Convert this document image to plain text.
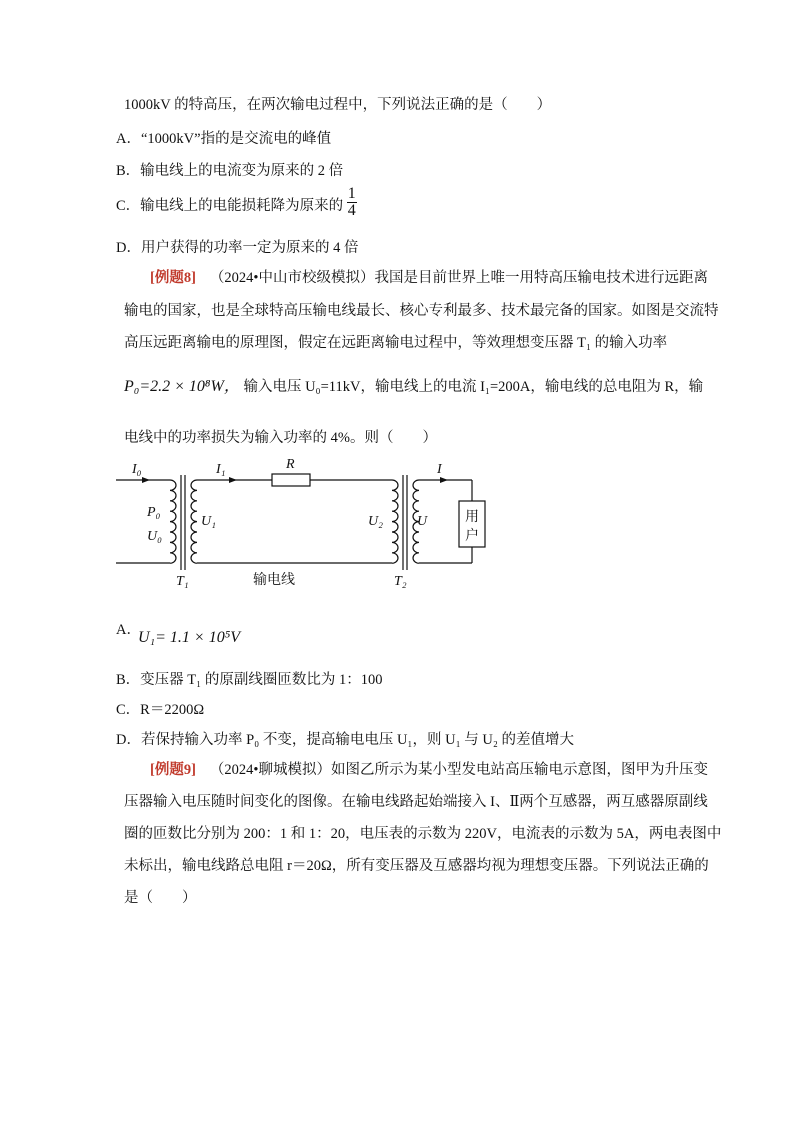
1000kV 的特高压，在两次输电过程中，下列说法正确的是（　　）
A．“1000kV”指的是交流电的峰值
B．输电线上的电流变为原来的 2 倍
C．输电线上的电能损耗降为原来的 $\frac{1}{4}$
D．用户获得的功率一定为原来的 4 倍
[例题8] （2024•中山市校级模拟）我国是目前世界上唯一用特高压输电技术进行远距离
输电的国家，也是全球特高压输电线最长、核心专利最多、技术最完备的国家。如图是交流特
高压远距离输电的原理图，假定在远距离输电过程中，等效理想变压器 T₁ 的输入功率
P₀=2.2 × 10⁸W， 输入电压 U₀=11kV，输电线上的电流 I₁=200A，输电线的总电阻为 R，输
电线中的功率损失为输入功率的 4%。则（　　）
I₀	I₁	R	I
P₀
U₀
U₁	U₂ U
T₁	T₂
输电线
用
户
A．
U₁= 1.1 × 10⁵V
B．变压器 T₁ 的原副线圈匝数比为 1：100
C．R＝2200Ω
D．若保持输入功率 P₀ 不变，提高输电电压 U₁，则 U₁ 与 U₂ 的差值增大
[例题9] （2024•聊城模拟）如图乙所示为某小型发电站高压输电示意图，图甲为升压变
压器输入电压随时间变化的图像。在输电线路起始端接入 I、Ⅱ两个互感器，两互感器原副线
圈的匝数比分别为 200：1 和 1：20，电压表的示数为 220V，电流表的示数为 5A，两电表图中
未标出，输电线路总电阻 r＝20Ω，所有变压器及互感器均视为理想变压器。下列说法正确的
是（　　）
